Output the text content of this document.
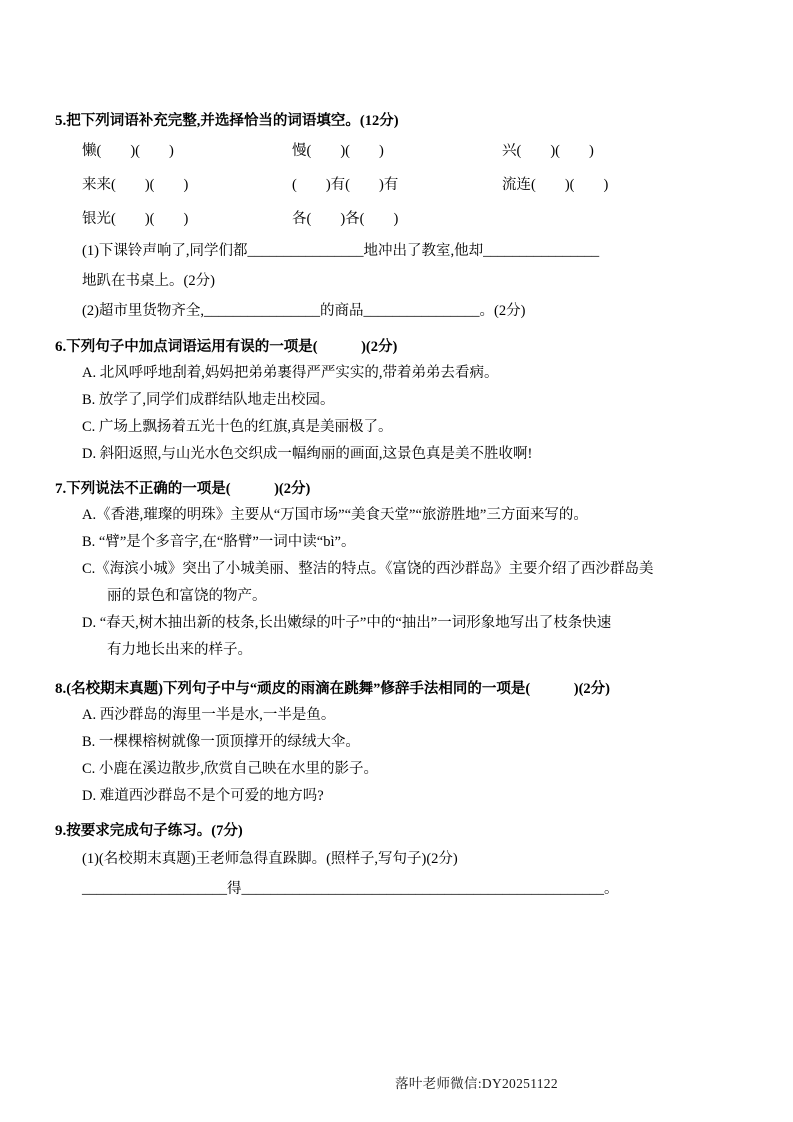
5.把下列词语补充完整,并选择恰当的词语填空。(12分)
懒(　　)(　　)	慢(　　)(　　)	兴(　　)(　　)
来来(　　)(　　)	(　　)有(　　)有	流连(　　)(　　)
银光(　　)(　　)	各(　　)各(　　)
(1)下课铃声响了,同学们都________________地冲出了教室,他却________________
地趴在书桌上。(2分)
(2)超市里货物齐全,________________的商品________________。(2分)
6.下列句子中加点词语运用有误的一项是(　　　)(2分)
A. 北风呼呼地刮着,妈妈把弟弟裹得严严实实的,带着弟弟去看病。
B. 放学了,同学们成群结队地走出校园。
C. 广场上飘扬着五光十色的红旗,真是美丽极了。
D. 斜阳返照,与山光水色交织成一幅绚丽的画面,这景色真是美不胜收啊!
7.下列说法不正确的一项是(　　　)(2分)
A.《香港,璀璨的明珠》主要从“万国市场”“美食天堂”“旅游胜地”三方面来写的。
B. “臂”是个多音字,在“胳臂”一词中读“bì”。
C.《海滨小城》突出了小城美丽、整洁的特点。《富饶的西沙群岛》主要介绍了西沙群岛美
丽的景色和富饶的物产。
D. “春天,树木抽出新的枝条,长出嫩绿的叶子”中的“抽出”一词形象地写出了枝条快速
有力地长出来的样子。
8.(名校期末真题)下列句子中与“顽皮的雨滴在跳舞”修辞手法相同的一项是(　　　)(2分)
A. 西沙群岛的海里一半是水,一半是鱼。
B. 一棵棵榕树就像一顶顶撑开的绿绒大伞。
C. 小鹿在溪边散步,欣赏自己映在水里的影子。
D. 难道西沙群岛不是个可爱的地方吗?
9.按要求完成句子练习。(7分)
(1)(名校期末真题)王老师急得直跺脚。(照样子,写句子)(2分)
____________________得__________________________________________________。
落叶老师微信:DY20251122
